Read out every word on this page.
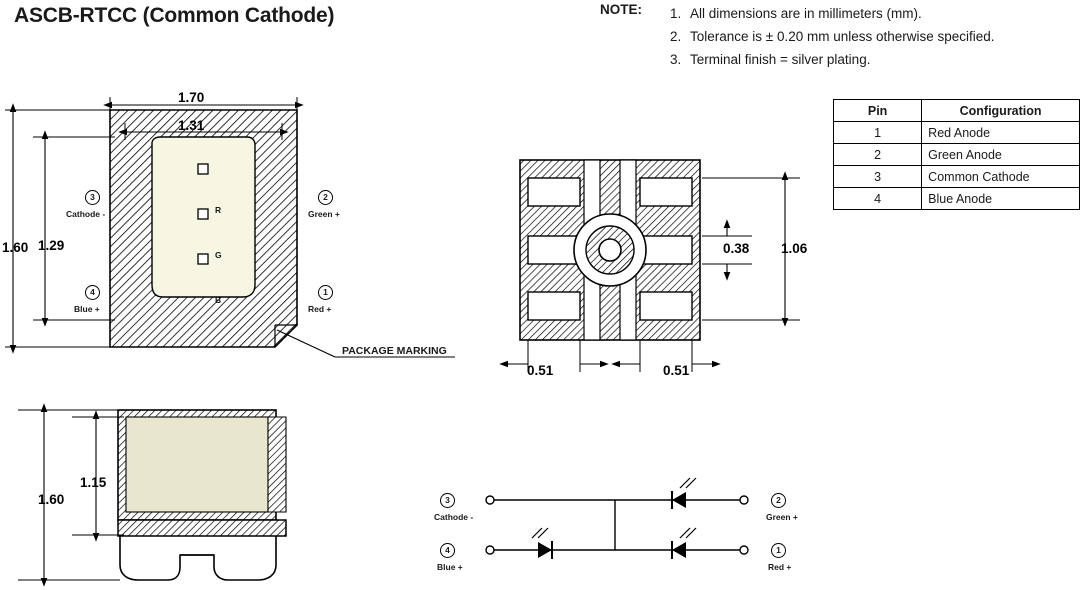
ASCB-RTCC (Common Cathode)	NOTE: 1. All dimensions are in millimeters (mm).
2. Tolerance is ± 0.20 mm unless otherwise specified.
3. Terminal finish = silver plating.
Pin	Configuration
1	Red Anode
2	Green Anode
3	Common Cathode
4	Blue Anode
1.70
1.31
1.60 1.29
3
Cathode -
4
Blue +
2
Green +
1
Red +
R
G
B
PACKAGE MARKING
0.38 1.06
0.51	0.51
1.60
1.15
3
Cathode -
4
Blue +
2
Green +
1
Red +
